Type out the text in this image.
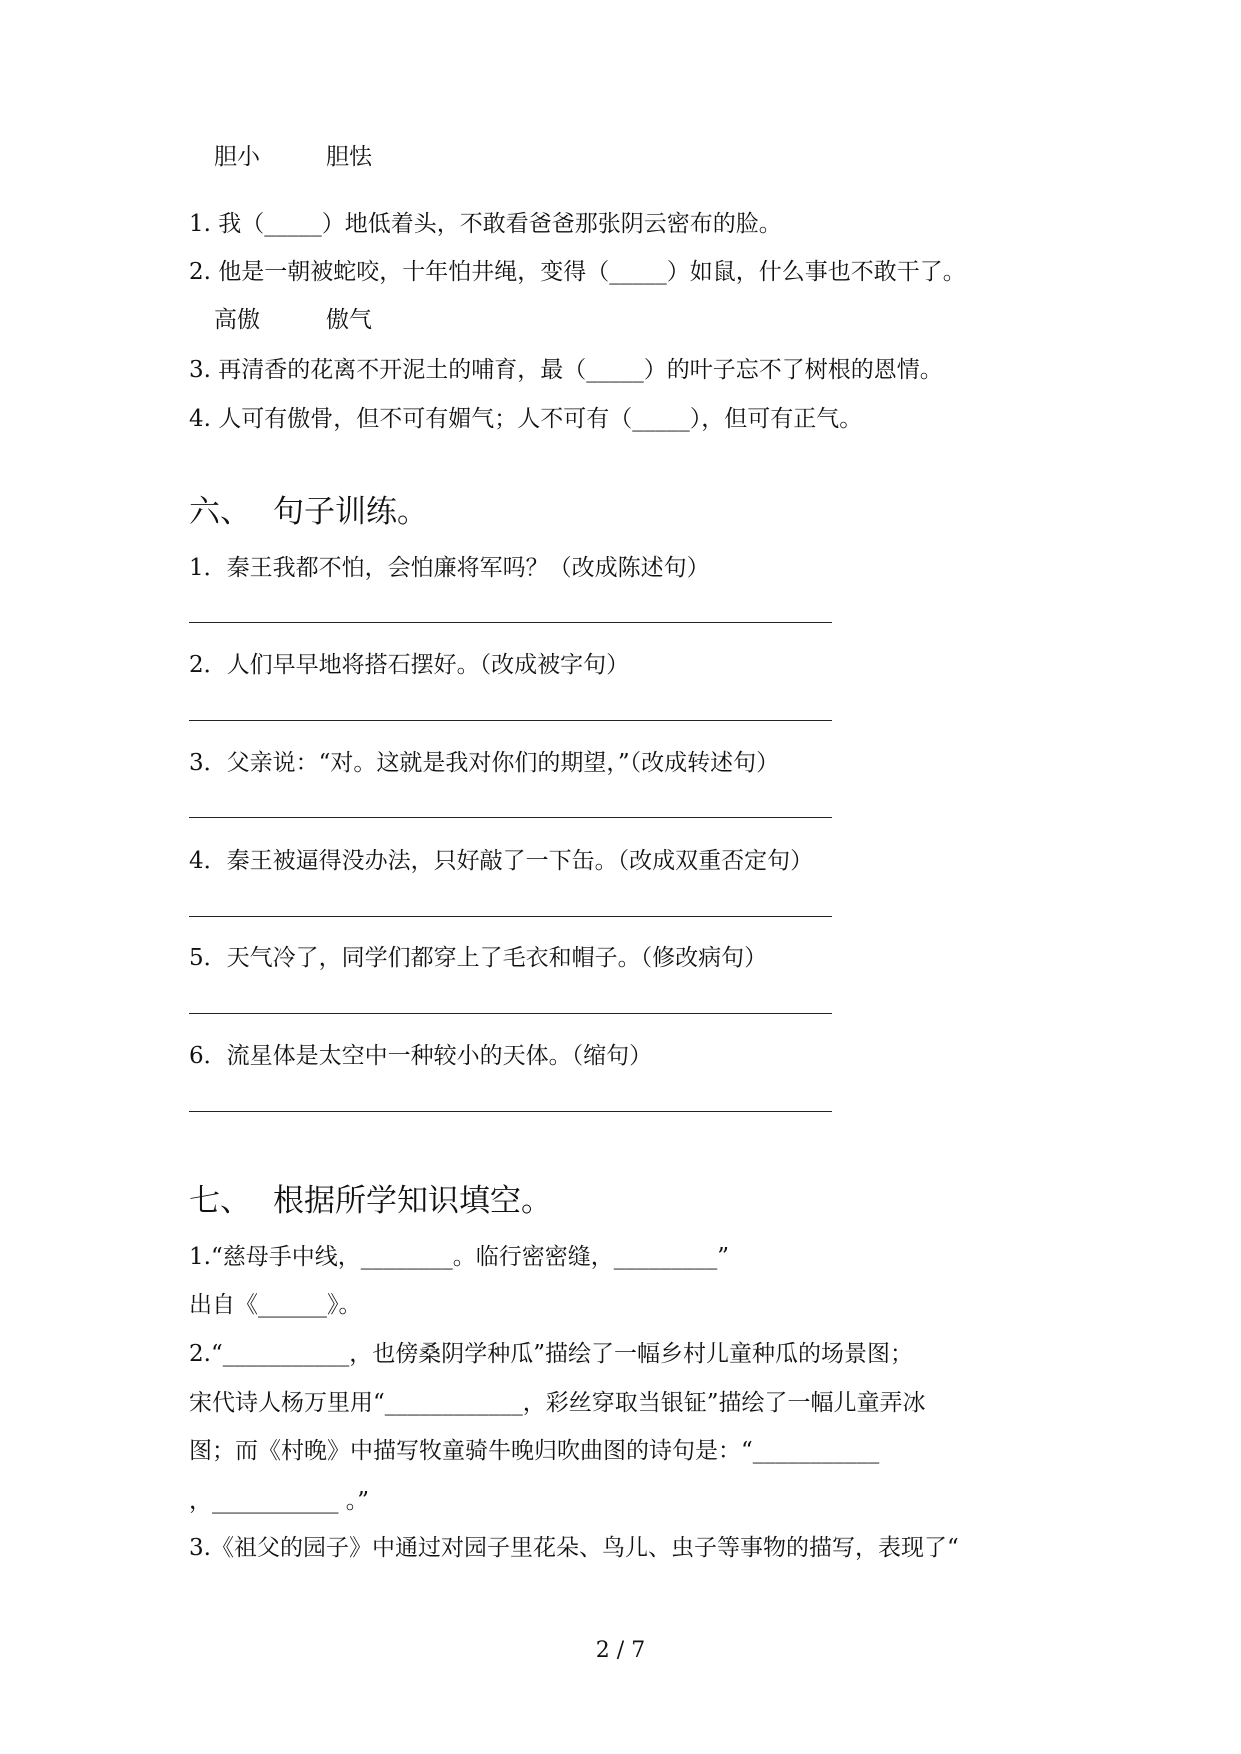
胆小	胆怯
1. 我（_____）地低着头，不敢看爸爸那张阴云密布的脸。
2. 他是一朝被蛇咬，十年怕井绳，变得（_____）如鼠，什么事也不敢干了。
高傲	傲气
3. 再清香的花离不开泥土的哺育，最（_____）的叶子忘不了树根的恩情。
4. 人可有傲骨，但不可有媚气；人不可有（_____），但可有正气。
六、 句子训练。
1．秦王我都不怕，会怕廉将军吗？（改成陈述句）
2．人们早早地将搭石摆好。（改成被字句）
3．父亲说：“对。这就是我对你们的期望，”（改成转述句）
4．秦王被逼得没办法，只好敲了一下缶。（改成双重否定句）
5．天气冷了，同学们都穿上了毛衣和帽子。（修改病句）
6．流星体是太空中一种较小的天体。（缩句）
七、 根据所学知识填空。
1.“慈母手中线，________。临行密密缝，_________”
出自《______》。
2.“___________，也傍桑阴学种瓜”描绘了一幅乡村儿童种瓜的场景图；
宋代诗人杨万里用“____________，彩丝穿取当银钲”描绘了一幅儿童弄冰
图；而《村晚》中描写牧童骑牛晚归吹曲图的诗句是：“___________
，___________ 。”
3.《祖父的园子》中通过对园子里花朵、鸟儿、虫子等事物的描写，表现了“
2 / 7
